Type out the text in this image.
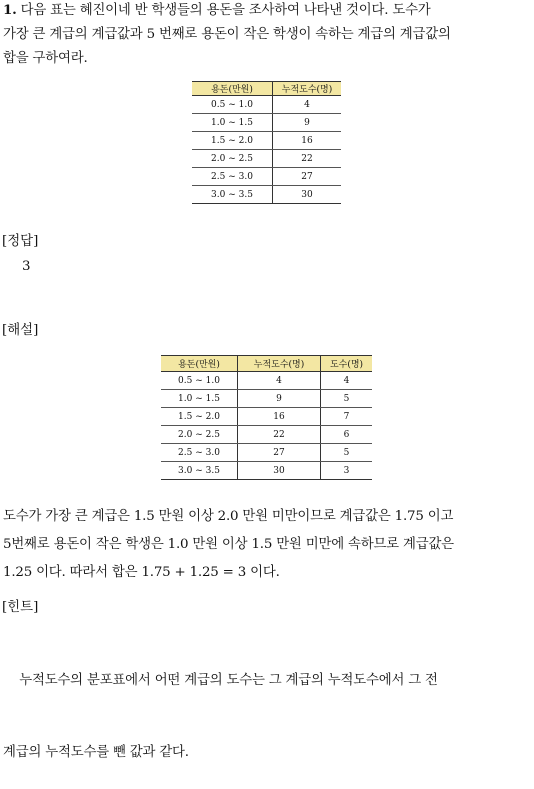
1. 다음 표는 혜진이네 반 학생들의 용돈을 조사하여 나타낸 것이다. 도수가
가장 큰 계급의 계급값과 5 번째로 용돈이 작은 학생이 속하는 계급의 계급값의
합을 구하여라.
용돈(만원)	누적도수(명)
0.5 ~ 1.0	4
1.0 ~ 1.5	9
1.5 ~ 2.0	16
2.0 ~ 2.5	22
2.5 ~ 3.0	27
3.0 ~ 3.5	30
[정답]
3
[해설]
용돈(만원)	누적도수(명)	도수(명)
0.5 ~ 1.0	4	4
1.0 ~ 1.5	9	5
1.5 ~ 2.0	16	7
2.0 ~ 2.5	22	6
2.5 ~ 3.0	27	5
3.0 ~ 3.5	30	3
도수가 가장 큰 계급은 1.5 만원 이상 2.0 만원 미만이므로 계급값은 1.75 이고
5번째로 용돈이 작은 학생은 1.0 만원 이상 1.5 만원 미만에 속하므로 계급값은
1.25 이다. 따라서 합은 1.75 + 1.25 = 3 이다.
[힌트]

누적도수의 분포표에서 어떤 계급의 도수는 그 계급의 누적도수에서 그 전

계급의 누적도수를 뺀 값과 같다.
